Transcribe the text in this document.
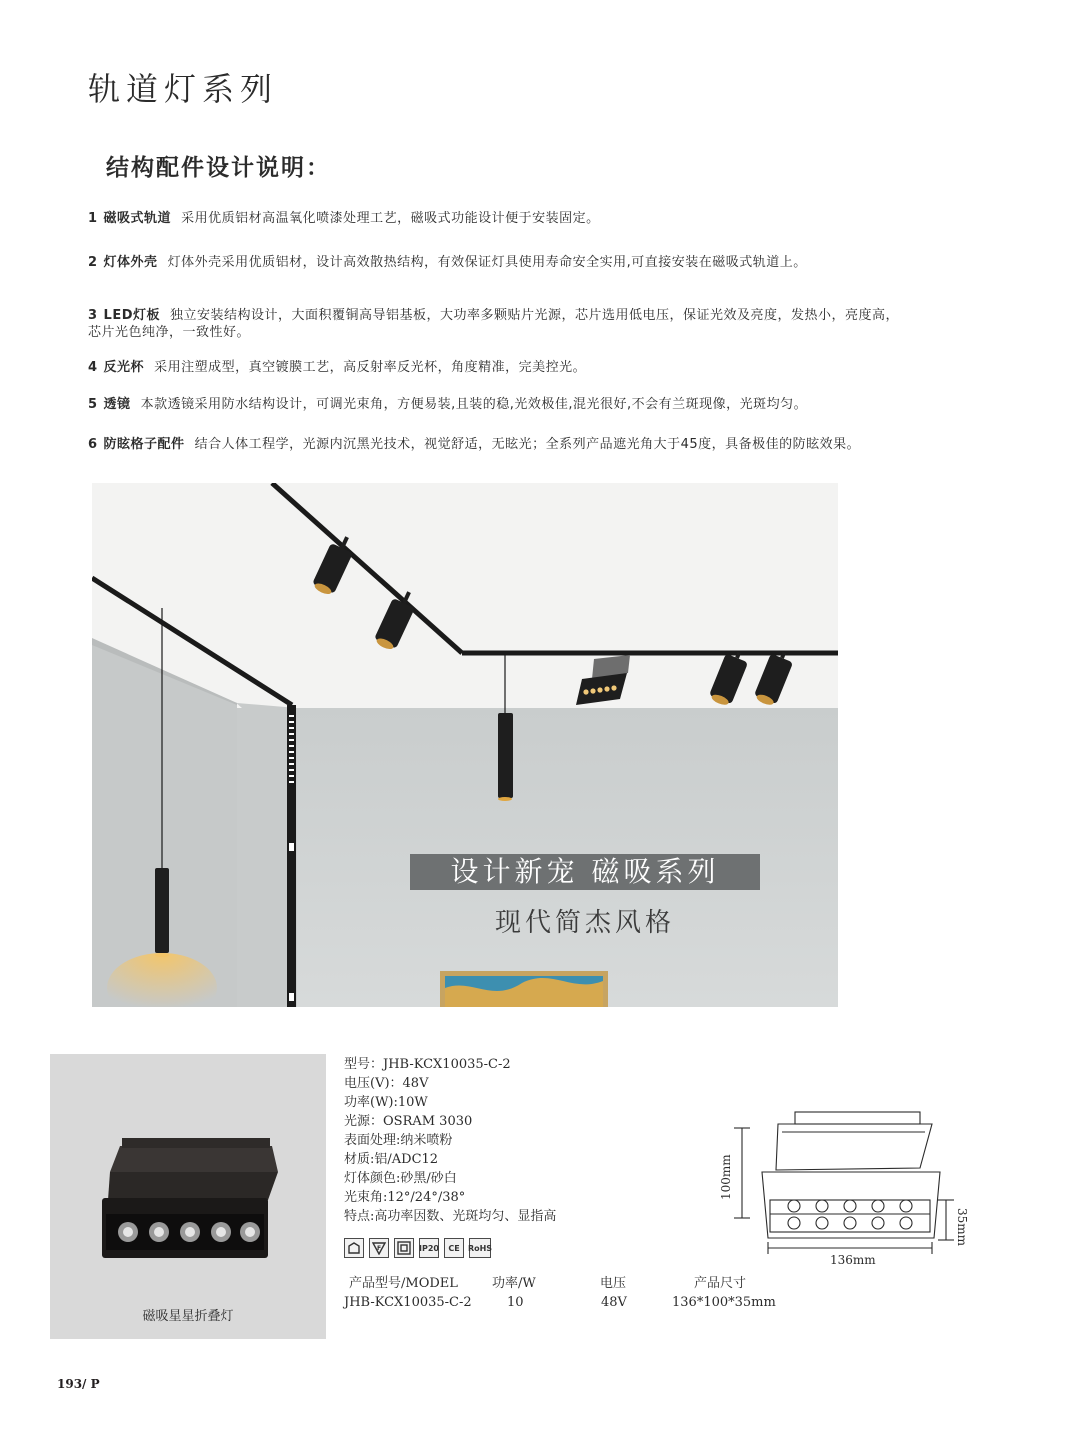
轨道灯系列
结构配件设计说明：
1 磁吸式轨道 采用优质铝材高温氧化喷漆处理工艺，磁吸式功能设计便于安装固定。
2 灯体外壳 灯体外壳采用优质铝材，设计高效散热结构，有效保证灯具使用寿命安全实用,可直接安装在磁吸式轨道上。
3 LED灯板 独立安装结构设计，大面积覆铜高导铝基板，大功率多颗贴片光源，芯片选用低电压，保证光效及亮度，发热小，亮度高，芯片光色纯净，一致性好。
4 反光杯 采用注塑成型，真空镀膜工艺，高反射率反光杯，角度精准，完美控光。
5 透镜 本款透镜采用防水结构设计，可调光束角，方便易装,且装的稳,光效极佳,混光很好,不会有兰斑现像，光斑均匀。
6 防眩格子配件 结合人体工程学，光源内沉黑光技术，视觉舒适，无眩光；全系列产品遮光角大于45度，具备极佳的防眩效果。
设计新宠 磁吸系列
现代简杰风格
磁吸星星折叠灯
型号：JHB-KCX10035-C-2
电压(V)：48V
功率(W):10W
光源：OSRAM 3030
表面处理:纳米喷粉
材质:铝/ADC12
灯体颜色:砂黑/砂白
光束角:12°/24°/38°
特点:高功率因数、光斑均匀、显指高
F	IP20	CE	RoHS
100mm
136mm
35mm
产品型号/MODEL	功率/W	电压	产品尺寸
JHB-KCX10035-C-2	10	48V	136*100*35mm
193/ P
